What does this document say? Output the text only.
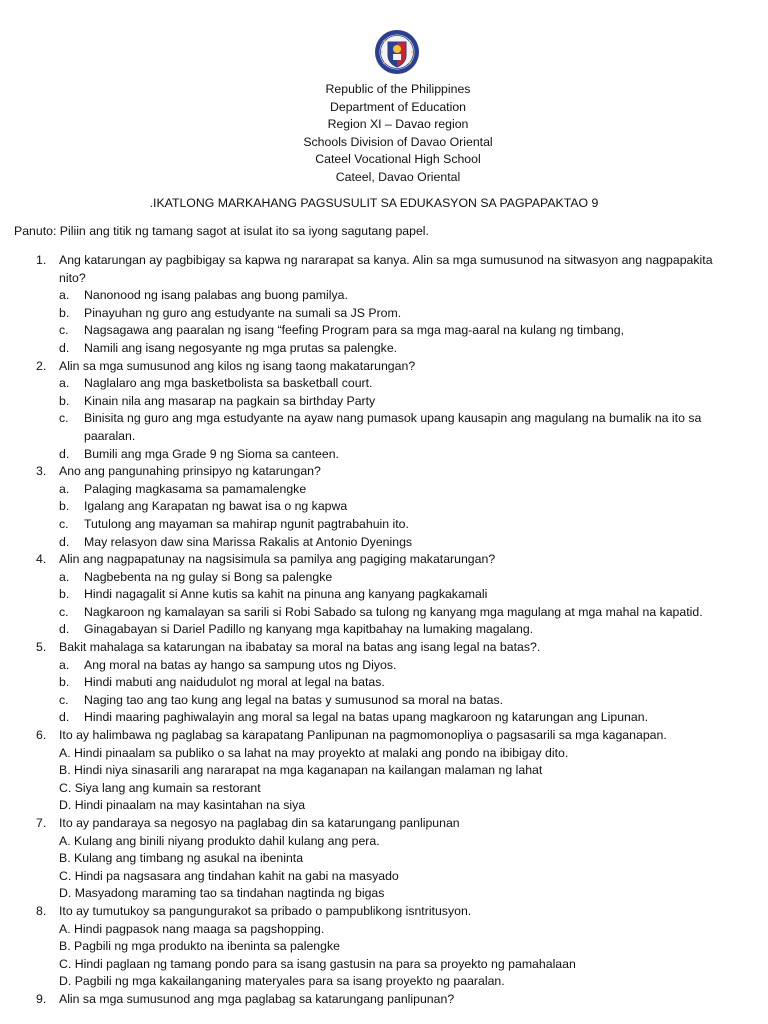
Republic of the Philippines
Department of Education
Region XI – Davao region
Schools Division of Davao Oriental
Cateel Vocational High School
Cateel, Davao Oriental
.IKATLONG MARKAHANG PAGSUSULIT SA EDUKASYON SA PAGPAPAKTAO 9
Panuto: Piliin ang titik ng tamang sagot at isulat ito sa iyong sagutang papel.
1.	Ang katarungan ay pagbibigay sa kapwa ng nararapat sa kanya. Alin sa mga sumusunod na sitwasyon ang nagpapakita nito?
a. Nanonood ng isang palabas ang buong pamilya.
b. Pinayuhan ng guro ang estudyante na sumali sa JS Prom.
c. Nagsagawa ang paaralan ng isang “feefing Program para sa mga mag-aaral na kulang ng timbang,
d. Namili ang isang negosyante ng mga prutas sa palengke.
2.	Alin sa mga sumusunod ang kilos ng isang taong makatarungan?
a. Naglalaro ang mga basketbolista sa basketball court.
b. Kinain nila ang masarap na pagkain sa birthday Party
c. Binisita ng guro ang mga estudyante na ayaw nang pumasok upang kausapin ang magulang na bumalik na ito sa paaralan.
d. Bumili ang mga Grade 9 ng Sioma sa canteen.
3.	Ano ang pangunahing prinsipyo ng katarungan?
a. Palaging magkasama sa pamamalengke
b. Igalang ang Karapatan ng bawat isa o ng kapwa
c. Tutulong ang mayaman sa mahirap ngunit pagtrabahuin ito.
d. May relasyon daw sina Marissa Rakalis at Antonio Dyenings
4.	Alin ang nagpapatunay na nagsisimula sa pamilya ang pagiging makatarungan?
a. Nagbebenta na ng gulay si Bong sa palengke
b. Hindi nagagalit si Anne kutis sa kahit na pinuna ang kanyang pagkakamali
c. Nagkaroon ng kamalayan sa sarili si Robi Sabado sa tulong ng kanyang mga magulang at mga mahal na kapatid.
d. Ginagabayan si Dariel Padillo ng kanyang mga kapitbahay na lumaking magalang.
5.	Bakit mahalaga sa katarungan na ibabatay sa moral na batas ang isang legal na batas?.
a. Ang moral na batas ay hango sa sampung utos ng Diyos.
b. Hindi mabuti ang naidudulot ng moral at legal na batas.
c. Naging tao ang tao kung ang legal na batas y sumusunod sa moral na batas.
d. Hindi maaring paghiwalayin ang moral sa legal na batas upang magkaroon ng katarungan ang Lipunan.
6.	Ito ay halimbawa ng paglabag sa karapatang Panlipunan na pagmomonopliya o pagsasarili sa mga kaganapan.
A. Hindi pinaalam sa publiko o sa lahat na may proyekto at malaki ang pondo na ibibigay dito.
B. Hindi niya sinasarili ang nararapat na mga kaganapan na kailangan malaman ng lahat
C. Siya lang ang kumain sa restorant
D. Hindi pinaalam na may kasintahan na siya
7.	Ito ay pandaraya sa negosyo na paglabag din sa katarungang panlipunan
A. Kulang ang binili niyang produkto dahil kulang ang pera.
B. Kulang ang timbang ng asukal na ibeninta
C. Hindi pa nagsasara ang tindahan kahit na gabi na masyado
D. Masyadong maraming tao sa tindahan nagtinda ng bigas
8.	Ito ay tumutukoy sa pangungurakot sa pribado o pampublikong isntritusyon.
A. Hindi pagpasok nang maaga sa pagshopping.
B. Pagbili ng mga produkto na ibeninta sa palengke
C. Hindi paglaan ng tamang pondo para sa isang gastusin na para sa proyekto ng pamahalaan
D. Pagbili ng mga kakailanganing materyales para sa isang proyekto ng paaralan.
9.	Alin sa mga sumusunod ang mga paglabag sa katarungang panlipunan?
